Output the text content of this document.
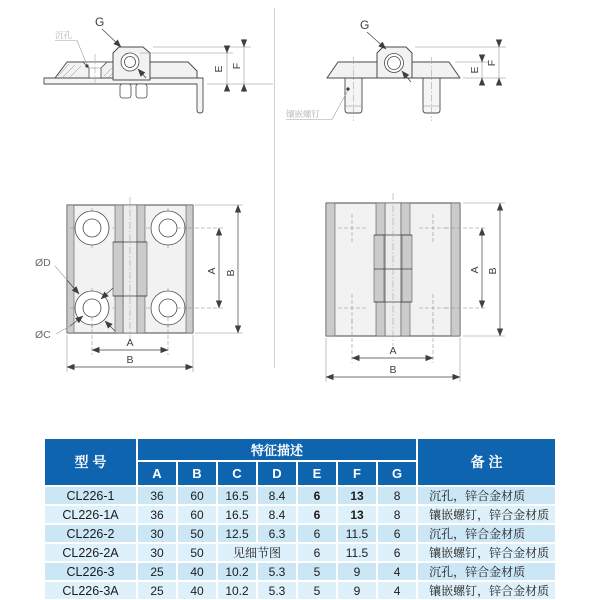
沉孔
G
E F
镶嵌螺钉
G
E
F
ØD
ØC
A
B
A B
A
B
A B
型 号	特征描述							备 注
	A	B	C	D	E	F	G	
CL226-1	36	60	16.5	8.4	6	13	8	沉孔，锌合金材质
CL226-1A	36	60	16.5	8.4	6	13	8	镶嵌螺钉，锌合金材质
CL226-2	30	50	12.5	6.3	6	11.5	6	沉孔，锌合金材质
CL226-2A	30	50	见细节图		6	11.5	6	镶嵌螺钉，锌合金材质
CL226-3	25	40	10.2	5.3	5	9	4	沉孔，锌合金材质
CL226-3A	25	40	10.2	5.3	5	9	4	镶嵌螺钉，锌合金材质
